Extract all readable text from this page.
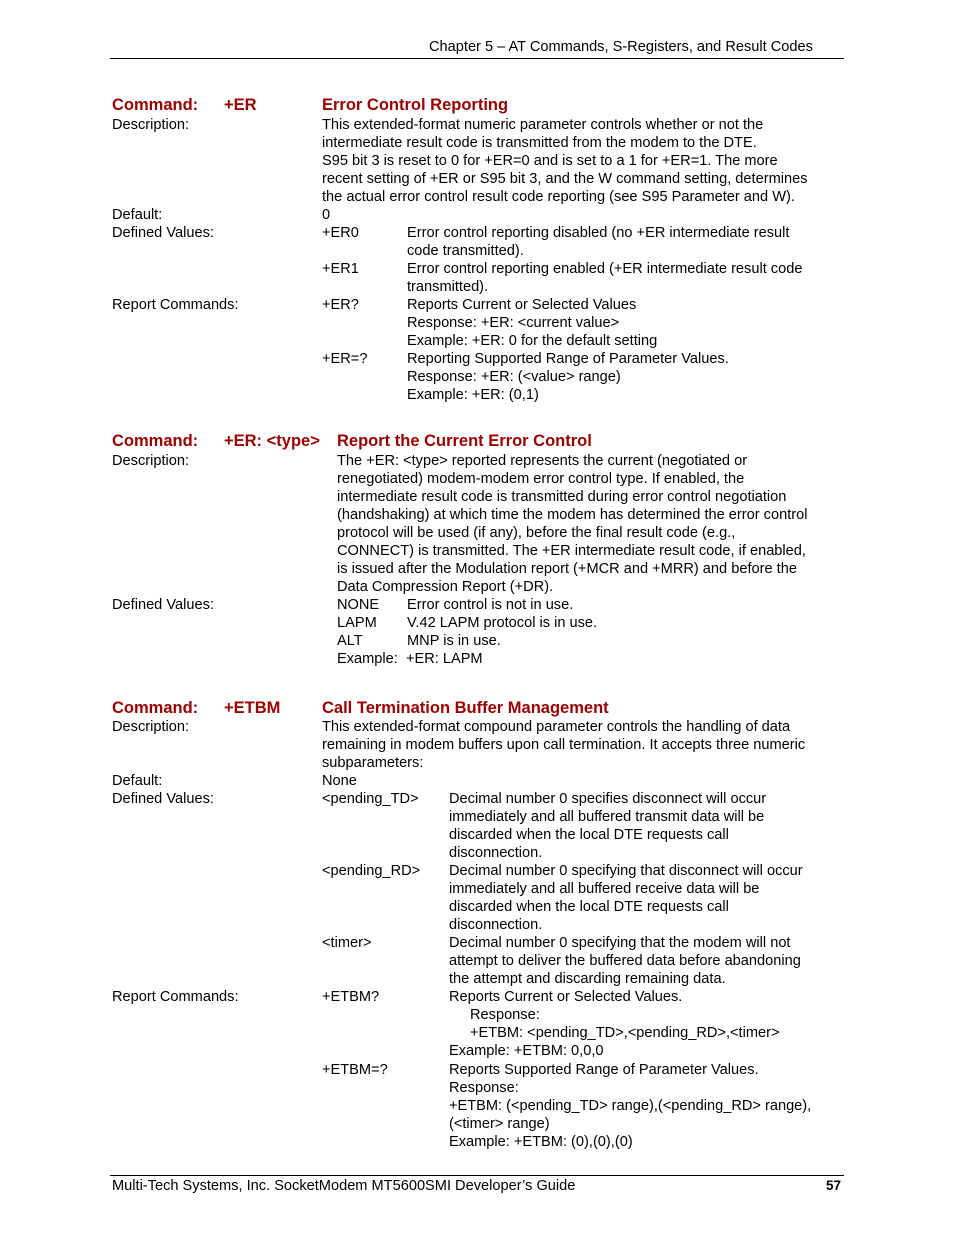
Chapter 5 – AT Commands, S-Registers, and Result Codes
Command: +ER	Error Control Reporting
Description:	This extended-format numeric parameter controls whether or not the
intermediate result code is transmitted from the modem to the DTE.
S95 bit 3 is reset to 0 for +ER=0 and is set to a 1 for +ER=1. The more
recent setting of +ER or S95 bit 3, and the W command setting, determines
the actual error control result code reporting (see S95 Parameter and W).
Default:	0
Defined Values:	+ER0	Error control reporting disabled (no +ER intermediate result
code transmitted).
+ER1	Error control reporting enabled (+ER intermediate result code
transmitted).
Report Commands:	+ER?	Reports Current or Selected Values
Response: +ER: <current value>
Example: +ER: 0 for the default setting
+ER=?	Reporting Supported Range of Parameter Values.
Response: +ER: (<value> range)
Example: +ER: (0,1)
Command: +ER: <type> Report the Current Error Control
Description:	The +ER: <type> reported represents the current (negotiated or
renegotiated) modem-modem error control type. If enabled, the
intermediate result code is transmitted during error control negotiation
(handshaking) at which time the modem has determined the error control
protocol will be used (if any), before the final result code (e.g.,
CONNECT) is transmitted. The +ER intermediate result code, if enabled,
is issued after the Modulation report (+MCR and +MRR) and before the
Data Compression Report (+DR).
Defined Values:	NONE Error control is not in use.
LAPM V.42 LAPM protocol is in use.
ALT	MNP is in use.
Example:  +ER: LAPM
Command: +ETBM	Call Termination Buffer Management
Description:	This extended-format compound parameter controls the handling of data
remaining in modem buffers upon call termination. It accepts three numeric
subparameters:
Default:	None
Defined Values:	<pending_TD> Decimal number 0 specifies disconnect will occur
immediately and all buffered transmit data will be
discarded when the local DTE requests call
disconnection.
<pending_RD> Decimal number 0 specifying that disconnect will occur
immediately and all buffered receive data will be
discarded when the local DTE requests call
disconnection.
<timer>	Decimal number 0 specifying that the modem will not
attempt to deliver the buffered data before abandoning
the attempt and discarding remaining data.
Report Commands:	+ETBM?	Reports Current or Selected Values.
Response:
+ETBM: <pending_TD>,<pending_RD>,<timer>
Example: +ETBM: 0,0,0
+ETBM=?	Reports Supported Range of Parameter Values.
Response:
+ETBM: (<pending_TD> range),(<pending_RD> range),
(<timer> range)
Example: +ETBM: (0),(0),(0)
Multi-Tech Systems, Inc. SocketModem MT5600SMI Developer’s Guide	57
